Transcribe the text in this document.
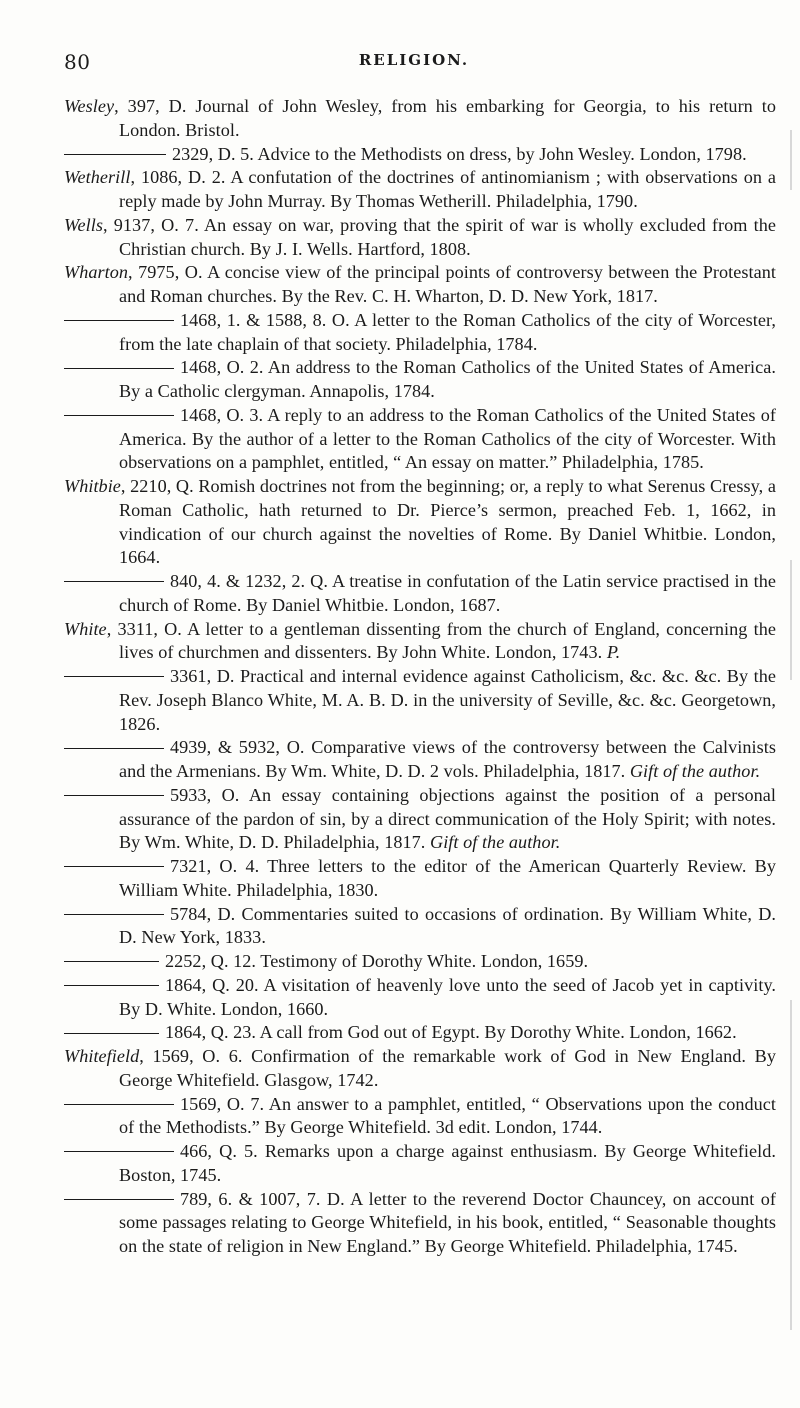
80	RELIGION.

Wesley, 397, D. Journal of John Wesley, from his embarking for Georgia, to his return to London. Bristol.

2329, D. 5. Advice to the Methodists on dress, by John Wesley. London, 1798.

Wetherill, 1086, D. 2. A confutation of the doctrines of antinomianism ; with observations on a reply made by John Murray. By Thomas Wetherill. Philadelphia, 1790.

Wells, 9137, O. 7. An essay on war, proving that the spirit of war is wholly excluded from the Christian church. By J. I. Wells. Hartford, 1808.

Wharton, 7975, O. A concise view of the principal points of controversy between the Protestant and Roman churches. By the Rev. C. H. Wharton, D. D. New York, 1817.

1468, 1. & 1588, 8. O. A letter to the Roman Catholics of the city of Worcester, from the late chaplain of that society. Philadelphia, 1784.

1468, O. 2. An address to the Roman Catholics of the United States of America. By a Catholic clergyman. Annapolis, 1784.

1468, O. 3. A reply to an address to the Roman Catholics of the United States of America. By the author of a letter to the Roman Catholics of the city of Worcester. With observations on a pamphlet, entitled, “ An essay on matter.” Philadelphia, 1785.

Whitbie, 2210, Q. Romish doctrines not from the beginning; or, a reply to what Serenus Cressy, a Roman Catholic, hath returned to Dr. Pierce’s sermon, preached Feb. 1, 1662, in vindication of our church against the novelties of Rome. By Daniel Whitbie. London, 1664.

840, 4. & 1232, 2. Q. A treatise in confutation of the Latin service practised in the church of Rome. By Daniel Whitbie. London, 1687.

White, 3311, O. A letter to a gentleman dissenting from the church of England, concerning the lives of churchmen and dissenters. By John White. London, 1743. P.

3361, D. Practical and internal evidence against Catholicism, &c. &c. &c. By the Rev. Joseph Blanco White, M. A. B. D. in the university of Seville, &c. &c. Georgetown, 1826.

4939, & 5932, O. Comparative views of the controversy between the Calvinists and the Armenians. By Wm. White, D. D. 2 vols. Philadelphia, 1817. Gift of the author.

5933, O. An essay containing objections against the position of a personal assurance of the pardon of sin, by a direct communication of the Holy Spirit; with notes. By Wm. White, D. D. Philadelphia, 1817. Gift of the author.

7321, O. 4. Three letters to the editor of the American Quarterly Review. By William White. Philadelphia, 1830.

5784, D. Commentaries suited to occasions of ordination. By William White, D. D. New York, 1833.

2252, Q. 12. Testimony of Dorothy White. London, 1659.

1864, Q. 20. A visitation of heavenly love unto the seed of Jacob yet in captivity. By D. White. London, 1660.

1864, Q. 23. A call from God out of Egypt. By Dorothy White. London, 1662.

Whitefield, 1569, O. 6. Confirmation of the remarkable work of God in New England. By George Whitefield. Glasgow, 1742.

1569, O. 7. An answer to a pamphlet, entitled, “ Observations upon the conduct of the Methodists.” By George Whitefield. 3d edit. London, 1744.

466, Q. 5. Remarks upon a charge against enthusiasm. By George Whitefield. Boston, 1745.

789, 6. & 1007, 7. D. A letter to the reverend Doctor Chauncey, on account of some passages relating to George Whitefield, in his book, entitled, “ Seasonable thoughts on the state of religion in New England.” By George Whitefield. Philadelphia, 1745.
